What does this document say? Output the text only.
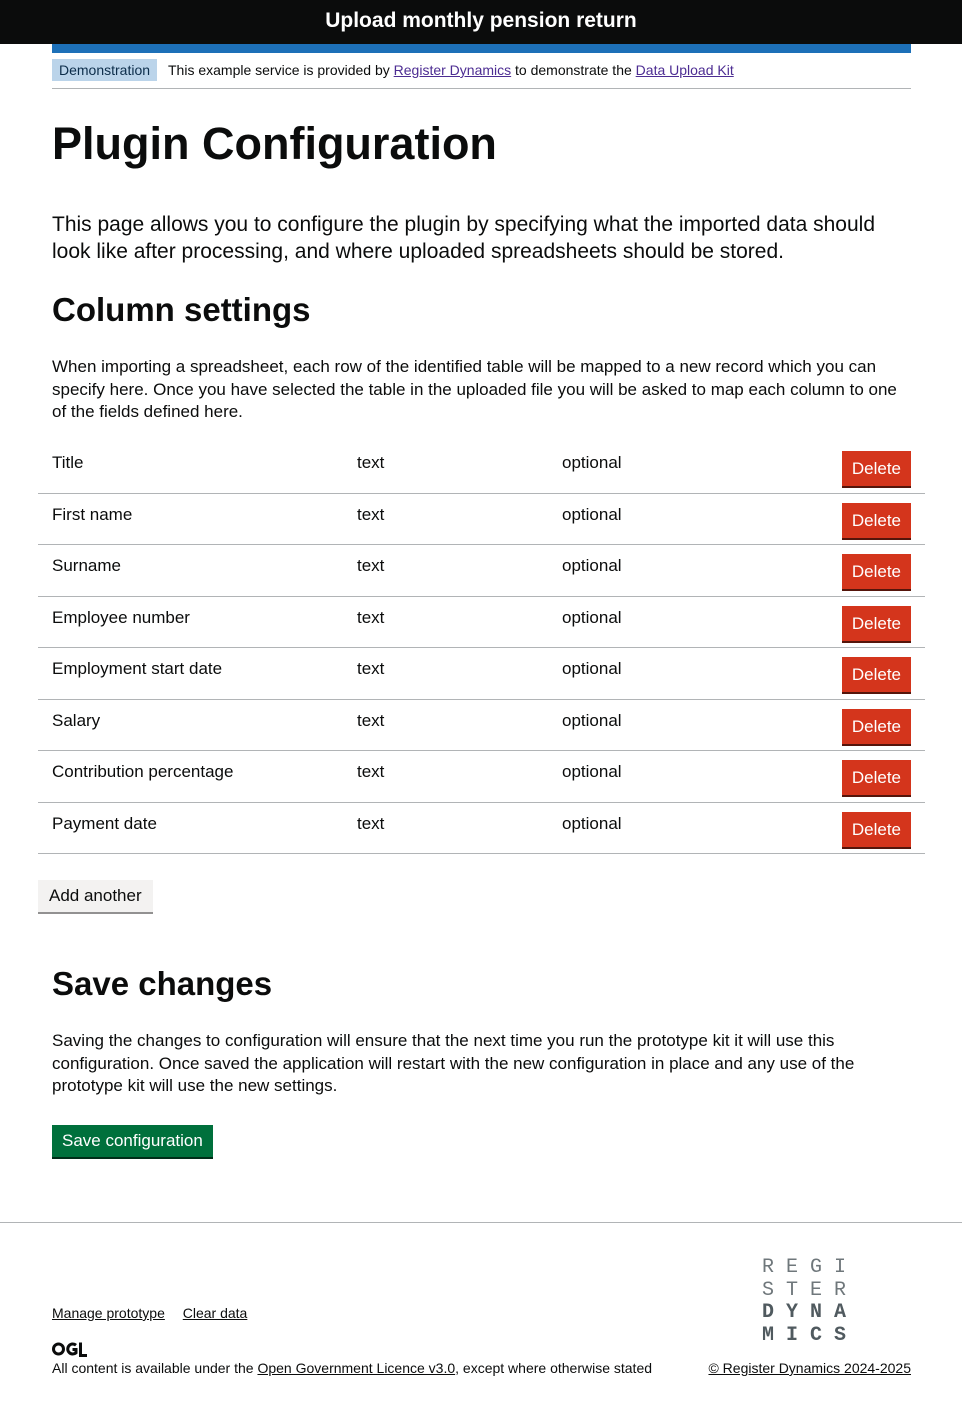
Upload monthly pension return
Demonstration	This example service is provided by Register Dynamics to demonstrate the Data Upload Kit
Plugin Configuration

This page allows you to configure the plugin by specifying what the imported data should look like after processing, and where uploaded spreadsheets should be stored.

Column settings

When importing a spreadsheet, each row of the identified table will be mapped to a new record which you can specify here. Once you have selected the table in the uploaded file you will be asked to map each column to one of the fields defined here.

Title	text	optional	Delete
First name	text	optional	Delete
Surname	text	optional	Delete
Employee number	text	optional	Delete
Employment start date	text	optional	Delete
Salary	text	optional	Delete
Contribution percentage	text	optional	Delete
Payment date	text	optional	Delete
Add another
Save changes

Saving the changes to configuration will ensure that the next time you run the prototype kit it will use this configuration. Once saved the application will restart with the new configuration in place and any use of the prototype kit will use the new settings.

Save configuration
Manage prototype Clear data
All content is available under the Open Government Licence v3.0, except where otherwise stated	© Register Dynamics 2024-2025
R E G I
S T E R
D Y N A
M I C S
